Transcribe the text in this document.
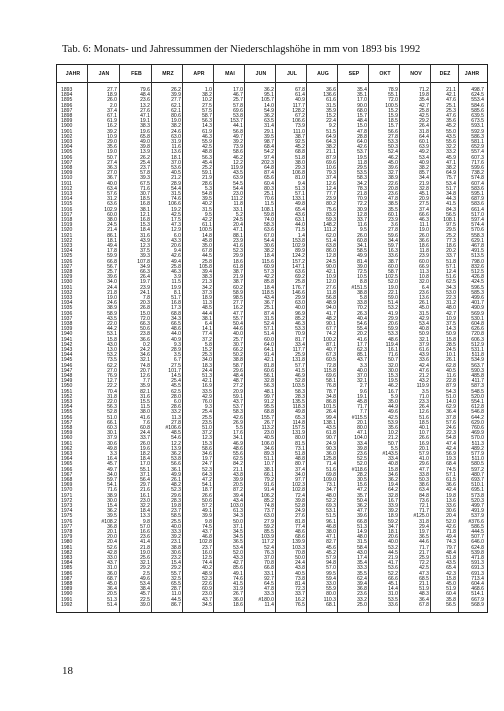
Tab. 6: Monats- und Jahressummen der Niederschlagshöhe in mm von 1893 bis 1992
JAHR	JAN	FEB	MRZ	APR	MAI	JUN	JUL	AUG	SEP	OKT	NOV	DEZ	JAHR
1893	27.7	79.6	26.2	1.0	17.0	36.2	67.8	36.6	35.4	78.9	71.2	21.1	498.7
1894	18.9	48.4	39.9	38.2	46.7	95.1	61.4	136.6	35.1	55.1	19.8	42.1	624.5
1895	26.0	23.6	27.7	10.2	25.7	105.7	40.9	61.6	17.0	72.0	35.4	47.6	553.4
1896	2.0	13.2	62.1	27.5	57.8	14.0	117.7	31.5	90.0	100.5	42.7	25.1	584.6
1897	37.4	27.6	62.1	57.5	69.6	54.9	128.2	35.9	68.0	15.2	25.8	25.3	585.6
1898	67.1	47.1	80.6	58.7	53.8	36.2	67.2	15.2	15.7	15.9	42.5	47.6	639.5
1899	61.9	19.1	19.0	56.3	153.7	63.5	106.6	22.4	48.4	18.5	29.2	35.6	673.5
1900	16.2	38.3	38.2	14.3	44.1	31.4	73.9	9.2	15.0	15.7	26.4	45.2	593.1
1901	39.2	19.6	24.6	61.9	56.8	29.1	111.0	51.5	47.8	56.6	31.8	55.0	592.9
1902	10.9	65.8	63.0	46.3	49.7	39.5	38.7	64.9	28.8	27.8	64.4	43.5	586.3
1903	29.0	49.0	31.9	55.9	39.2	98.7	92.5	64.3	64.0	53.3	60.1	55.6	581.1
1904	35.6	39.8	11.6	42.5	73.9	68.4	45.2	38.2	42.6	50.3	63.9	32.2	652.9
1905	19.0	13.9	13.6	48.8	58.6	54.2	68.8	21.1	53.7	52.4	49.2	33.2	557.4
1906	50.7	26.2	18.1	56.3	46.2	97.4	51.8	87.9	19.5	46.2	53.4	45.9	607.3
1907	27.4	25.4	37.0	45.4	12.2	202.3	38.0	69.6	11.8	45.0	40.9	47.1	717.6
1908	36.3	23.7	53.6	25.2	119.9	64.8	29.3	10.6	29.5	39.6	38.2	38.2	599.6
1909	27.0	57.8	40.5	59.1	43.5	87.4	106.8	79.3	53.5	32.7	85.7	64.9	738.2
1910	36.7	39.3	21.2	21.9	63.9	65.6	81.0	37.4	58.3	38.9	34.4	75.7	574.8
1911	40.0	67.5	28.9	28.6	54.5	60.4	9.4	12.6	34.2	22.6	21.9	53.4	607.4
1912	63.4	71.6	54.4	5.3	54.4	80.3	51.3	12.4	78.3	20.8	32.8	51.7	583.6
1913	57.6	30.7	31.5	54.8	23.0	25.1	57.1	77.7	21.8	23.6	45.1	34.8	595.1
1914	31.2	18.5	74.6	39.5	111.2	70.6	133.1	23.9	70.9	47.8	20.9	44.3	687.9
1915	63.6	16.8	106.6	40.2	11.8	11.5	49.8	80.2	72.2	38.5	27.5	41.5	583.6
1916	102.9	38.1	19.2	31.5	33.1	108.1	65.4	75.6	30.9	35.5	37.4	84.3	661.4
1917	60.0	12.1	42.5	9.5	5.2	59.8	43.6	83.2	12.8	60.1	66.6	56.5	517.0
1918	38.0	16.8	17.5	42.2	24.5	74.0	63.1	59.3	33.7	23.9	46.3	108.1	597.4
1919	24.5	15.3	47.3	61.1	20.4	58.3	44.0	148.2	11.6	3.6	11.1	97.5	574.4
1920	21.4	18.4	12.9	100.5	47.1	63.6	71.5	111.2	9.5	27.8	19.0	29.5	570.6
1921	86.1	31.6	6.0	14.8	88.1	67.0	1.4	62.0	26.0	59.6	26.0	25.2	558.3
1922	18.1	43.9	43.3	45.8	23.9	54.4	153.8	51.4	60.8	34.4	36.6	77.3	629.1
1923	49.4	12.3	20.6	35.0	41.6	30.6	102.9	63.8	34.1	59.7	18.6	18.6	467.8
1924	17.8	37.5	9.4	67.8	52.3	38.2	89.9	86.0	58.5	16.3	11.8	20.2	491.5
1925	59.9	39.3	42.6	44.5	29.9	18.4	124.2	12.8	49.9	33.6	23.9	33.7	513.5
1926	66.8	107.8	49.4	25.8	18.6	115.6	157.2	24.5	81.4	38.7	60.0	51.8	798.0
1927	56.7	34.9	25.8	105.8	61.8	60.9	147.1	90.0	39.0	60.0	66.9	57.1	832.6
1928	25.7	66.3	46.3	39.4	38.7	57.3	63.6	42.1	72.5	58.7	11.3	12.4	512.5
1929	39.6	26.4	3.9	38.3	21.9	42.2	69.2	10.9	10.5	102.5	10.8	51.6	426.8
1930	34.0	19.7	11.5	21.3	38.7	85.8	25.8	12.0	8.8	52.0	32.0	62.5	424.5
1931	24.4	23.9	19.9	34.2	60.2	18.4	176.7	27.6	#151.5	19.0	6.4	34.3	596.5
1932	21.8	24.1	8.1	37.3	58.9	118.5	146.6	11.8	38.8	22.1	23.6	53.0	585.3
1933	19.0	7.8	51.7	18.9	98.5	43.4	29.9	56.8	5.8	59.0	13.6	22.3	499.6
1934	24.6	20.3	16.8	11.3	27.7	36.7	63.0	48.9	33.8	51.4	26.1	31.2	401.7
1935	38.9	26.8	17.3	48.5	16.2	25.1	40.0	94.0	70.2	53.2	45.0	48.0	490.9
1936	58.9	15.0	68.8	44.4	47.7	87.4	96.9	41.7	26.3	41.9	31.5	42.7	569.9
1937	43.5	72.0	34.3	38.1	55.7	31.5	85.2	48.2	40.4	29.9	42.9	10.9	530.1
1938	22.0	66.3	66.5	6.4	50.4	52.4	46.3	90.1	54.6	20.6	53.4	37.5	604.8
1939	44.2	50.6	48.6	14.1	44.6	57.1	53.3	67.7	55.4	59.9	40.8	14.3	626.6
1940	53.1	23.8	44.0	77.4	40.0	51.4	70.9	74.2	20.2	53.3	50.9	50.9	720.8
1941	15.8	36.6	40.9	37.2	25.7	60.0	81.7	100.2	41.6	48.6	32.1	15.8	606.3
1942	43.0	0.2	9.3	5.8	30.7	64.0	33.4	87.1	17.7	119.4	37.9	28.5	512.9
1943	13.0	24.2	28.9	15.2	66.2	64.1	117.7	40.7	62.3	16.1	61.6	24.5	531.1
1944	53.2	34.6	3.5	25.3	50.2	91.4	25.9	67.3	85.1	71.6	43.9	10.1	511.8
1945	73.5	32.1	6.7	34.0	38.8	42.1	131.8	60.5	43.7	50.7	33.6	26.1	534.9
1946	62.2	74.8	27.5	18.3	58.7	81.8	57.7	72.8	3.3	32.0	42.4	62.8	563.7
1947	27.0	20.7	101.7	24.4	29.6	60.6	41.5	115.8	40.0	30.0	47.6	40.5	590.3
1948	76.9	12.6	14.5	51.3	48.4	56.1	46.9	69.6	37.0	15.3	21.2	11.6	485.8
1949	12.7	7.7	25.4	42.1	48.7	32.8	52.8	58.1	32.1	19.5	43.2	22.8	411.7
1950	22.2	35.9	45.5	16.9	27.2	56.3	103.5	76.8	2.7	46.2	119.9	87.9	587.3
1951	70.4	82.1	62.5	33.5	20.9	48.1	58.3	78.7	9.6	16.7	3.5	54.3	548.5
1952	31.8	31.6	28.0	42.9	59.1	99.7	28.3	34.8	19.1	5.9	71.0	51.0	520.0
1953	22.0	15.5	6.0	76.0	43.7	91.2	135.5	86.8	45.8	35.0	23.3	14.0	554.1
1954	56.3	11.5	28.6	9.3	53.7	95.5	118.3	101.5	71.7	44.9	26.4	62.9	612.8
1955	52.8	38.0	33.2	25.4	58.3	68.8	49.8	26.4	7.7	49.6	12.6	36.4	546.8
1956	51.0	41.6	11.3	25.5	42.6	155.7	65.3	99.4	#115.5	42.5	51.6	37.8	644.2
1957	66.1	7.6	27.8	23.5	26.9	26.7	114.8	138.1	20.1	53.9	18.5	57.6	629.0
1958	60.3	60.8	#106.6	51.0	5.5	113.2	157.5	43.5	80.0	35.6	40.1	24.6	760.6
1959	30.1	24.4	48.5	37.2	17.6	23.0	131.9	61.8	47.1	10.2	10.7	22.3	469.9
1960	37.9	33.7	54.6	12.3	34.1	40.5	80.0	90.7	104.0	21.2	26.6	54.8	570.0
1961	30.6	26.0	12.2	15.3	46.9	106.0	81.5	24.9	33.4	50.7	16.9	47.4	511.3
1962	49.8	19.6	13.9	58.6	48.6	34.6	73.1	90.3	39.8	5.5	20.1	42.4	489.2
1963	3.3	18.2	36.2	34.6	55.6	89.3	51.8	36.0	23.6	#143.5	57.9	56.9	577.9
1964	16.4	18.4	53.8	19.7	62.5	51.1	48.8	125.8	52.5	33.4	41.0	19.3	511.0
1965	45.7	17.0	56.6	24.7	84.2	10.7	80.7	71.4	52.0	40.8	29.6	68.4	580.5
1966	49.7	55.1	36.1	52.3	21.1	38.1	37.4	51.6	#118.6	15.8	47.7	74.5	597.2
1967	34.0	37.1	49.9	64.3	43.8	66.1	34.0	69.8	28.2	34.6	33.8	57.1	480.7
1968	59.7	56.4	26.1	47.2	39.9	79.2	97.7	109.0	30.5	36.2	50.3	61.5	693.7
1969	54.1	29.7	48.2	54.1	20.5	91.6	102.3	73.1	15.6	19.4	38.6	36.6	510.1
1970	71.6	21.6	52.3	18.7	87.2	91.4	102.8	34.7	47.2	64.2	63.4	42.4	695.1
1971	38.9	16.1	29.6	26.6	39.4	106.2	72.4	48.0	35.7	32.8	84.8	19.8	573.8
1972	30.0	23.0	28.3	50.6	43.4	85.2	39.8	52.2	50.4	16.7	73.6	13.6	520.3
1973	15.4	32.2	19.8	57.2	103.0	74.8	52.8	69.3	36.2	33.9	72.1	33.6	499.7
1974	36.2	18.4	23.7	49.1	61.3	73.7	24.9	53.1	47.7	39.2	71.7	30.6	491.9
1975	39.5	13.3	58.5	39.9	34.3	63.0	27.6	51.5	39.6	18.9	#125.0	20.4	537.9
1976	#108.2	9.8	25.5	9.8	50.0	27.9	81.8	96.1	66.8	59.2	31.8	52.0	#376.6
1977	36.8	57.0	40.0	74.5	37.1	59.2	77.4	46.8	51.3	34.7	29.4	42.6	586.5
1978	20.1	16.6	33.3	43.7	34.5	85.5	48.6	38.0	14.9	18.1	19.7	71.8	444.5
1979	20.0	23.6	39.2	46.8	34.5	103.9	68.6	47.1	48.0	20.6	36.5	49.4	507.7
1980	20.4	41.4	23.1	102.8	36.5	117.2	139.9	82.7	31.5	40.0	44.6	74.3	646.0
1981	52.6	21.8	38.8	23.7	53.4	52.4	103.3	45.6	58.4	53.2	71.7	79.7	624.8
1982	42.8	19.0	30.6	16.0	52.0	76.3	70.8	45.2	43.0	44.5	21.7	48.4	539.8
1983	33.0	25.6	23.2	12.5	43.3	37.0	50.0	57.9	17.4	21.9	25.9	51.8	471.8
1984	43.7	32.1	15.4	74.4	42.7	70.8	24.4	94.8	35.4	41.7	72.2	43.5	591.3
1985	31.0	29.2	29.2	40.2	85.6	66.8	43.8	57.0	33.3	53.6	42.5	65.4	691.3
1986	36.0	2.5	55.7	48.9	49.1	33.1	40.5	99.5	35.5	52.2	47.3	42.3	691.3
1987	68.7	49.6	32.5	52.3	74.6	92.7	73.8	59.4	62.4	66.6	68.5	15.8	713.4
1988	45.0	53.4	65.5	22.6	41.5	64.5	81.4	33.0	39.4	45.1	21.1	45.0	604.4
1989	36.4	38.4	28.7	60.9	31.9	47.8	72.3	55.9	36.8	14.4	51.9	51.9	468.6
1990	20.5	45.7	11.0	23.0	26.7	33.3	33.7	80.0	23.6	31.0	48.3	60.4	514.1
1991	51.3	22.5	44.5	43.7	36.0	#180.0	16.2	110.3	33.2	53.5	36.4	35.8	667.9
1992	51.4	39.0	86.7	34.5	18.6	11.4	76.5	68.1	25.0	33.6	67.8	56.5	568.9
18
